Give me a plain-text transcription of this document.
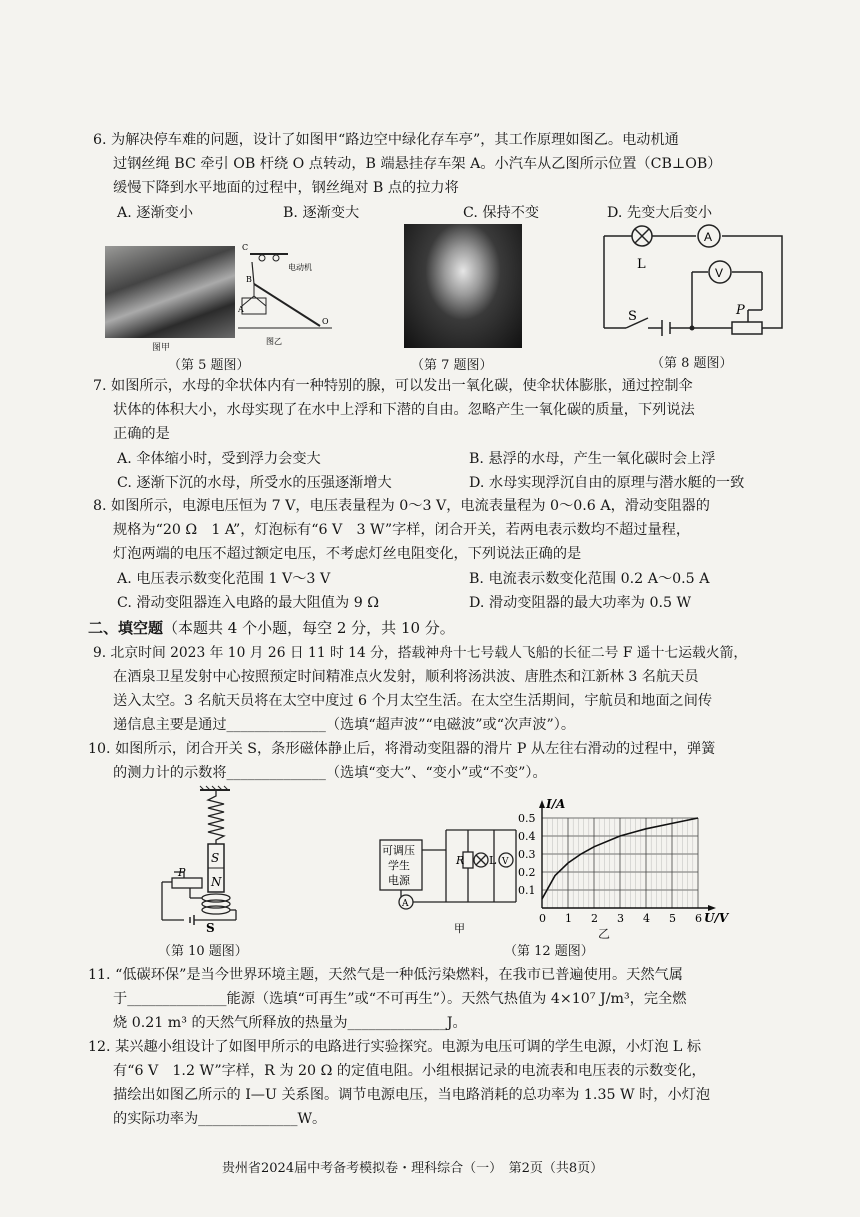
6. 为解决停车难的问题，设计了如图甲“路边空中绿化存车亭”，其工作原理如图乙。电动机通
过钢丝绳 BC 牵引 OB 杆绕 O 点转动，B 端悬挂存车架 A。小汽车从乙图所示位置（CB⊥OB）
缓慢下降到水平地面的过程中，钢丝绳对 B 点的拉力将
A. 逐渐变小	B. 逐渐变大	C. 保持不变	D. 先变大后变小
图甲
C
B
A
O
电动机
图乙
（第 5 题图）	（第 7 题图）
A
V
L
S	P
（第 8 题图）
7. 如图所示，水母的伞状体内有一种特别的腺，可以发出一氧化碳，使伞状体膨胀，通过控制伞
状体的体积大小，水母实现了在水中上浮和下潜的自由。忽略产生一氧化碳的质量，下列说法
正确的是
A. 伞体缩小时，受到浮力会变大	B. 悬浮的水母，产生一氧化碳时会上浮
C. 逐渐下沉的水母，所受水的压强逐渐增大	D. 水母实现浮沉自由的原理与潜水艇的一致
8. 如图所示，电源电压恒为 7 V，电压表量程为 0～3 V，电流表量程为 0～0.6 A，滑动变阻器的
规格为“20 Ω　1 A”，灯泡标有“6 V　3 W”字样，闭合开关，若两电表示数均不超过量程，
灯泡两端的电压不超过额定电压，不考虑灯丝电阻变化，下列说法正确的是
A. 电压表示数变化范围 1 V～3 V	B. 电流表示数变化范围 0.2 A～0.5 A
C. 滑动变阻器连入电路的最大阻值为 9 Ω	D. 滑动变阻器的最大功率为 0.5 W
二、填空题（本题共 4 个小题，每空 2 分，共 10 分。
9. 北京时间 2023 年 10 月 26 日 11 时 14 分，搭载神舟十七号载人飞船的长征二号 F 遥十七运载火箭，
在酒泉卫星发射中心按照预定时间精准点火发射，顺利将汤洪波、唐胜杰和江新林 3 名航天员
送入太空。3 名航天员将在太空中度过 6 个月太空生活。在太空生活期间，宇航员和地面之间传
递信息主要是通过______________（选填“超声波”“电磁波”或“次声波”）。
10. 如图所示，闭合开关 S，条形磁体静止后，将滑动变阻器的滑片 P 从左往右滑动的过程中，弹簧
的测力计的示数将______________（选填“变大”、“变小”或“不变”）。
S
N
P
S
（第 10 题图）
可调压
学生
电源
R L V
A
甲
I/A
U/V
0 1 2 3 4 5 6
0.1
0.2
0.3
0.4
0.5
乙
（第 12 题图）
11. “低碳环保”是当今世界环境主题，天然气是一种低污染燃料，在我市已普遍使用。天然气属
于______________能源（选填“可再生”或“不可再生”）。天然气热值为 4×10⁷ J/m³，完全燃
烧 0.21 m³ 的天然气所释放的热量为______________J。
12. 某兴趣小组设计了如图甲所示的电路进行实验探究。电源为电压可调的学生电源，小灯泡 L 标
有“6 V　1.2 W”字样，R 为 20 Ω 的定值电阻。小组根据记录的电流表和电压表的示数变化，
描绘出如图乙所示的 I—U 关系图。调节电源电压，当电路消耗的总功率为 1.35 W 时，小灯泡
的实际功率为______________W。
贵州省2024届中考备考模拟卷・理科综合（一）　第2页（共8页）
